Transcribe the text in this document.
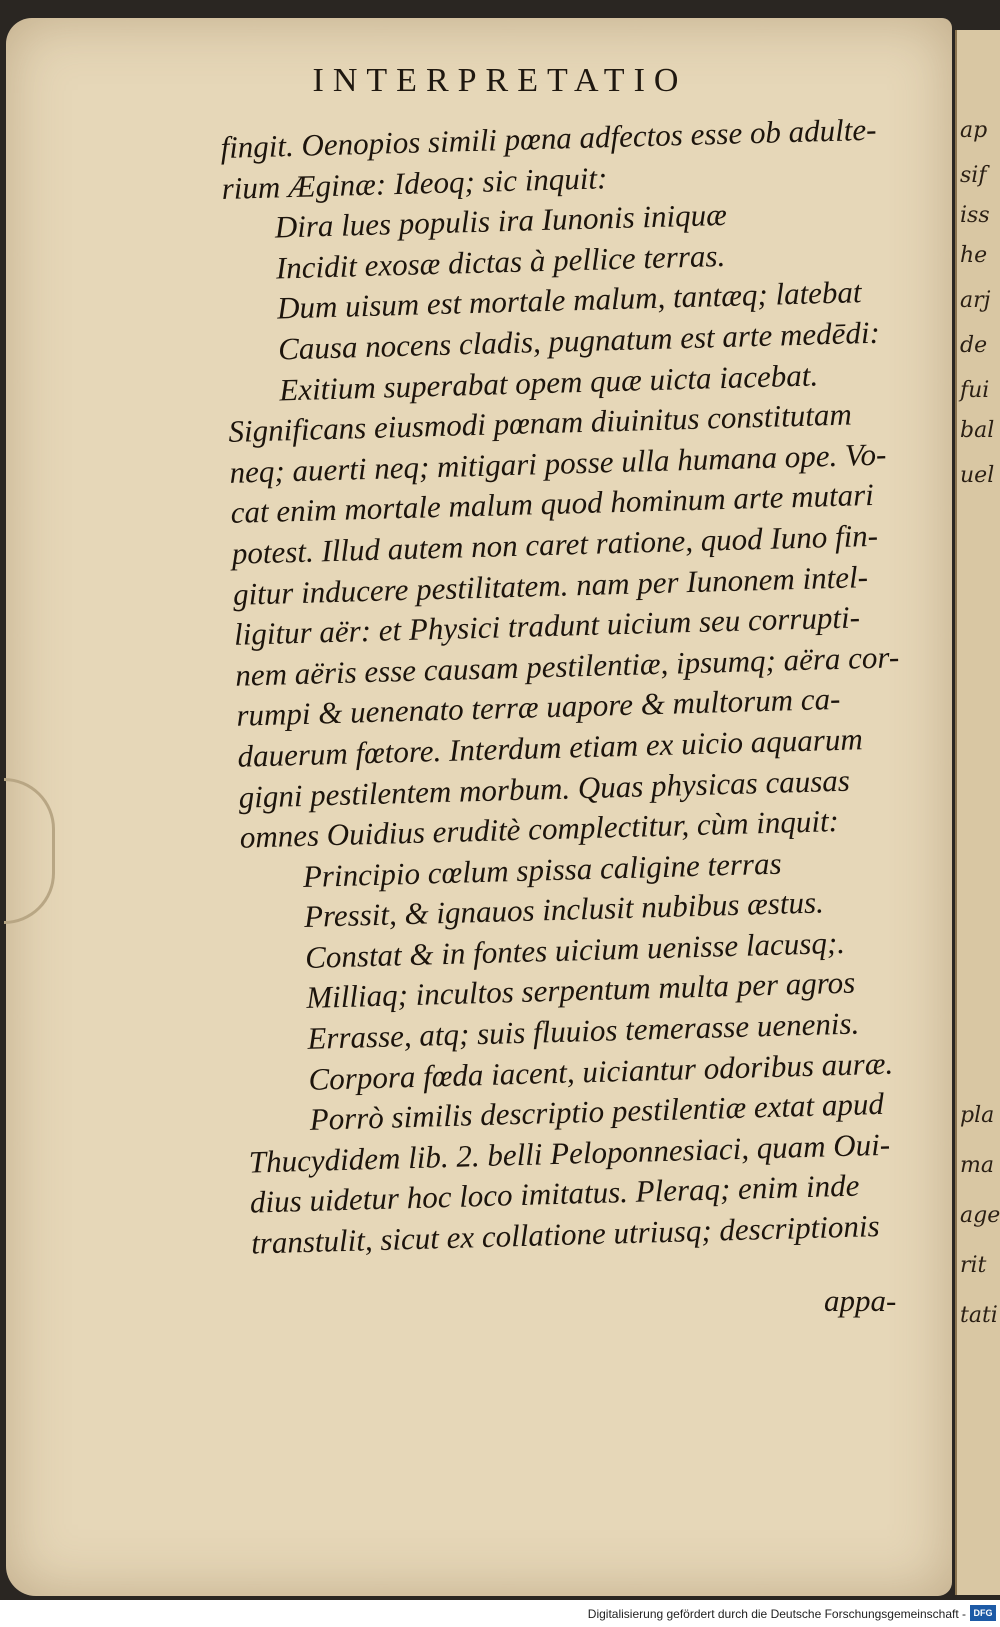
ap
sif
iss
he
arj
de
fui
bal
uel
pla
ma
age
rit
tati
INTERPRETATIO
fingit. Oenopios simili pœna adfectos esse ob adulte-
rium Æginæ: Ideoq; sic inquit:
Dira lues populis ira Iunonis iniquæ
Incidit exosæ dictas à pellice terras.
Dum uisum est mortale malum, tantæq; latebat
Causa nocens cladis, pugnatum est arte medēdi:
Exitium superabat opem quæ uicta iacebat.
Significans eiusmodi pœnam diuinitus constitutam
neq; auerti neq; mitigari posse ulla humana ope. Vo-
cat enim mortale malum quod hominum arte mutari
potest. Illud autem non caret ratione, quod Iuno fin-
gitur inducere pestilitatem. nam per Iunonem intel-
ligitur aër: et Physici tradunt uicium seu corrupti-
nem aëris esse causam pestilentiæ, ipsumq; aëra cor-
rumpi & uenenato terræ uapore & multorum ca-
dauerum fœtore. Interdum etiam ex uicio aquarum
gigni pestilentem morbum. Quas physicas causas
omnes Ouidius eruditè complectitur, cùm inquit:
Principio cœlum spissa caligine terras
Pressit, & ignauos inclusit nubibus æstus.
Constat & in fontes uicium uenisse lacusq;.
Milliaq; incultos serpentum multa per agros
Errasse, atq; suis fluuios temerasse uenenis.
Corpora fœda iacent, uiciantur odoribus auræ.
Porrò similis descriptio pestilentiæ extat apud
Thucydidem lib. 2. belli Peloponnesiaci, quam Oui-
dius uidetur hoc loco imitatus. Pleraq; enim inde
transtulit, sicut ex collatione utriusq; descriptionis
appa-
Digitalisierung gefördert durch die Deutsche Forschungsgemeinschaft - DFG
